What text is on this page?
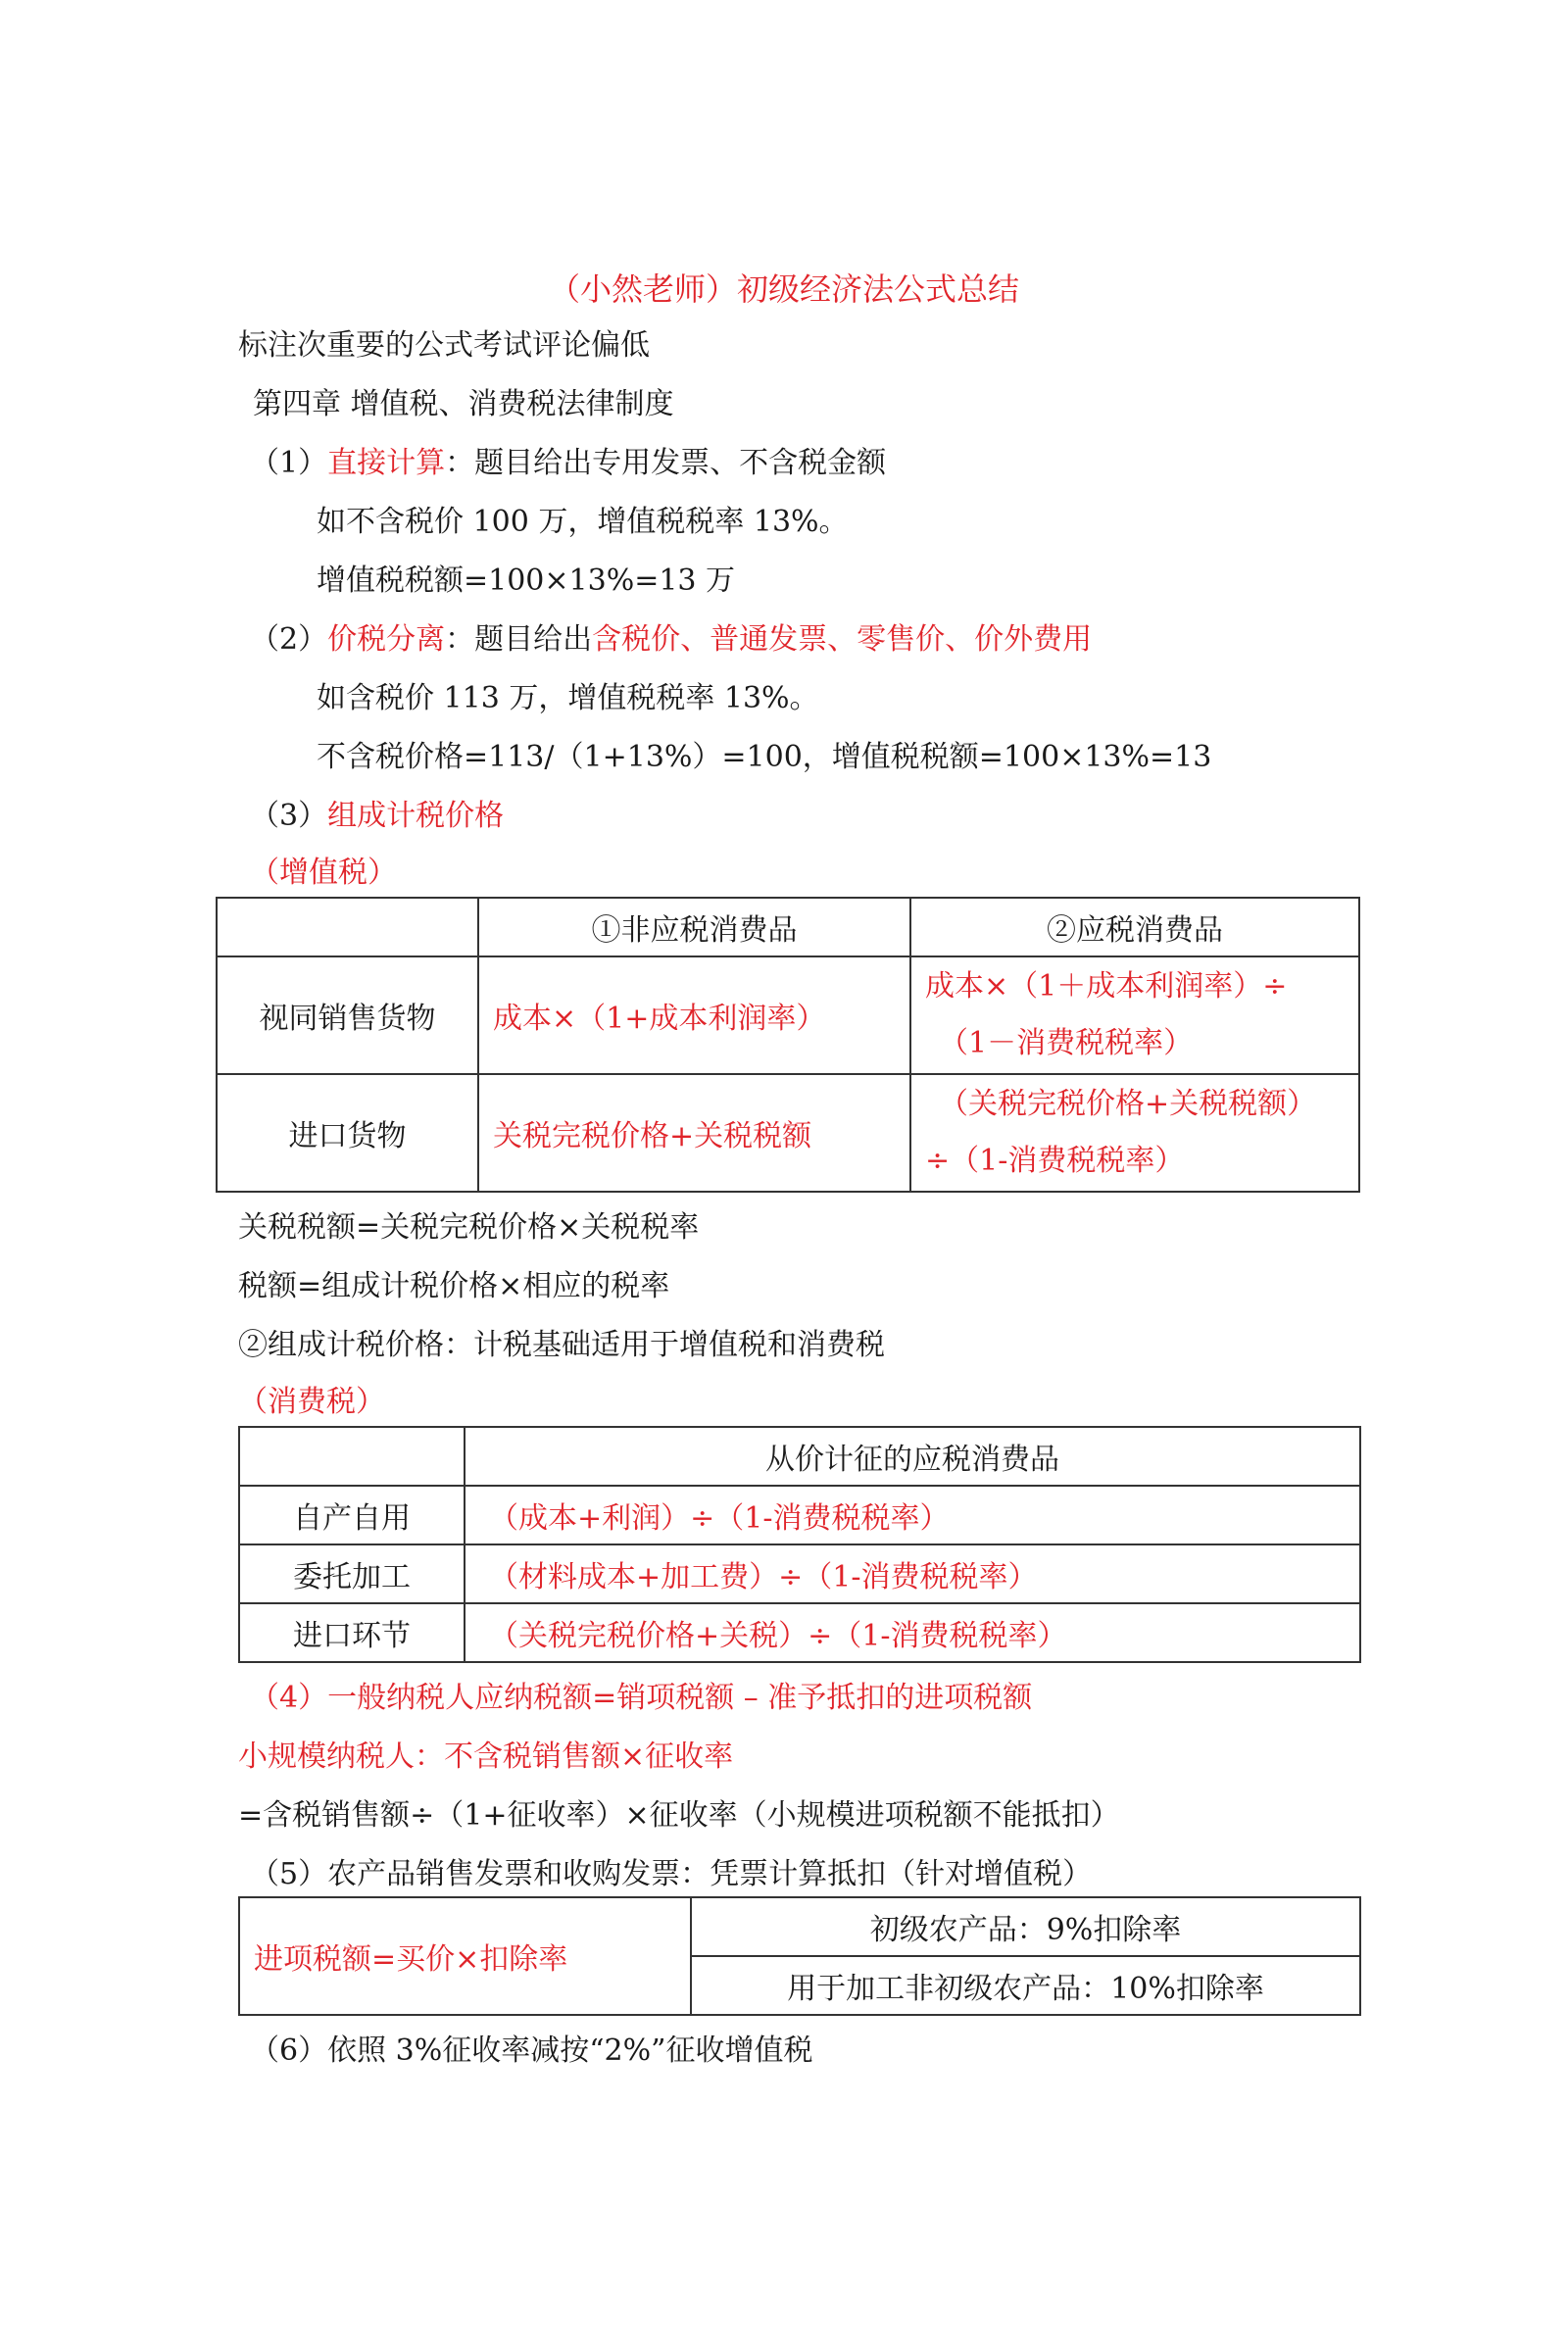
（小然老师）初级经济法公式总结
标注次重要的公式考试评论偏低
第四章 增值税、消费税法律制度
（1）直接计算：题目给出专用发票、不含税金额
如不含税价 100 万，增值税税率 13%。
增值税税额=100×13%=13 万
（2）价税分离：题目给出含税价、普通发票、零售价、价外费用
如含税价 113 万，增值税税率 13%。
不含税价格=113/（1+13%）=100，增值税税额=100×13%=13
（3）组成计税价格
（增值税）
	①非应税消费品	②应税消费品
视同销售货物	成本×（1+成本利润率）	成本×（1＋成本利润率）÷
（1－消费税税率）

进口货物	关税完税价格+关税税额	（关税完税价格+关税税额）
÷（1-消费税税率）
关税税额=关税完税价格×关税税率
税额=组成计税价格×相应的税率
②组成计税价格：计税基础适用于增值税和消费税
（消费税）
	从价计征的应税消费品
自产自用	（成本+利润）÷（1-消费税税率）
委托加工	（材料成本+加工费）÷（1-消费税税率）
进口环节	（关税完税价格+关税）÷（1-消费税税率）
（4）一般纳税人应纳税额=销项税额 – 准予抵扣的进项税额
小规模纳税人：不含税销售额×征收率
=含税销售额÷（1+征收率）×征收率（小规模进项税额不能抵扣）
（5）农产品销售发票和收购发票：凭票计算抵扣（针对增值税）
进项税额=买价×扣除率	初级农产品：9%扣除率
用于加工非初级农产品：10%扣除率
（6）依照 3%征收率减按“2%”征收增值税
